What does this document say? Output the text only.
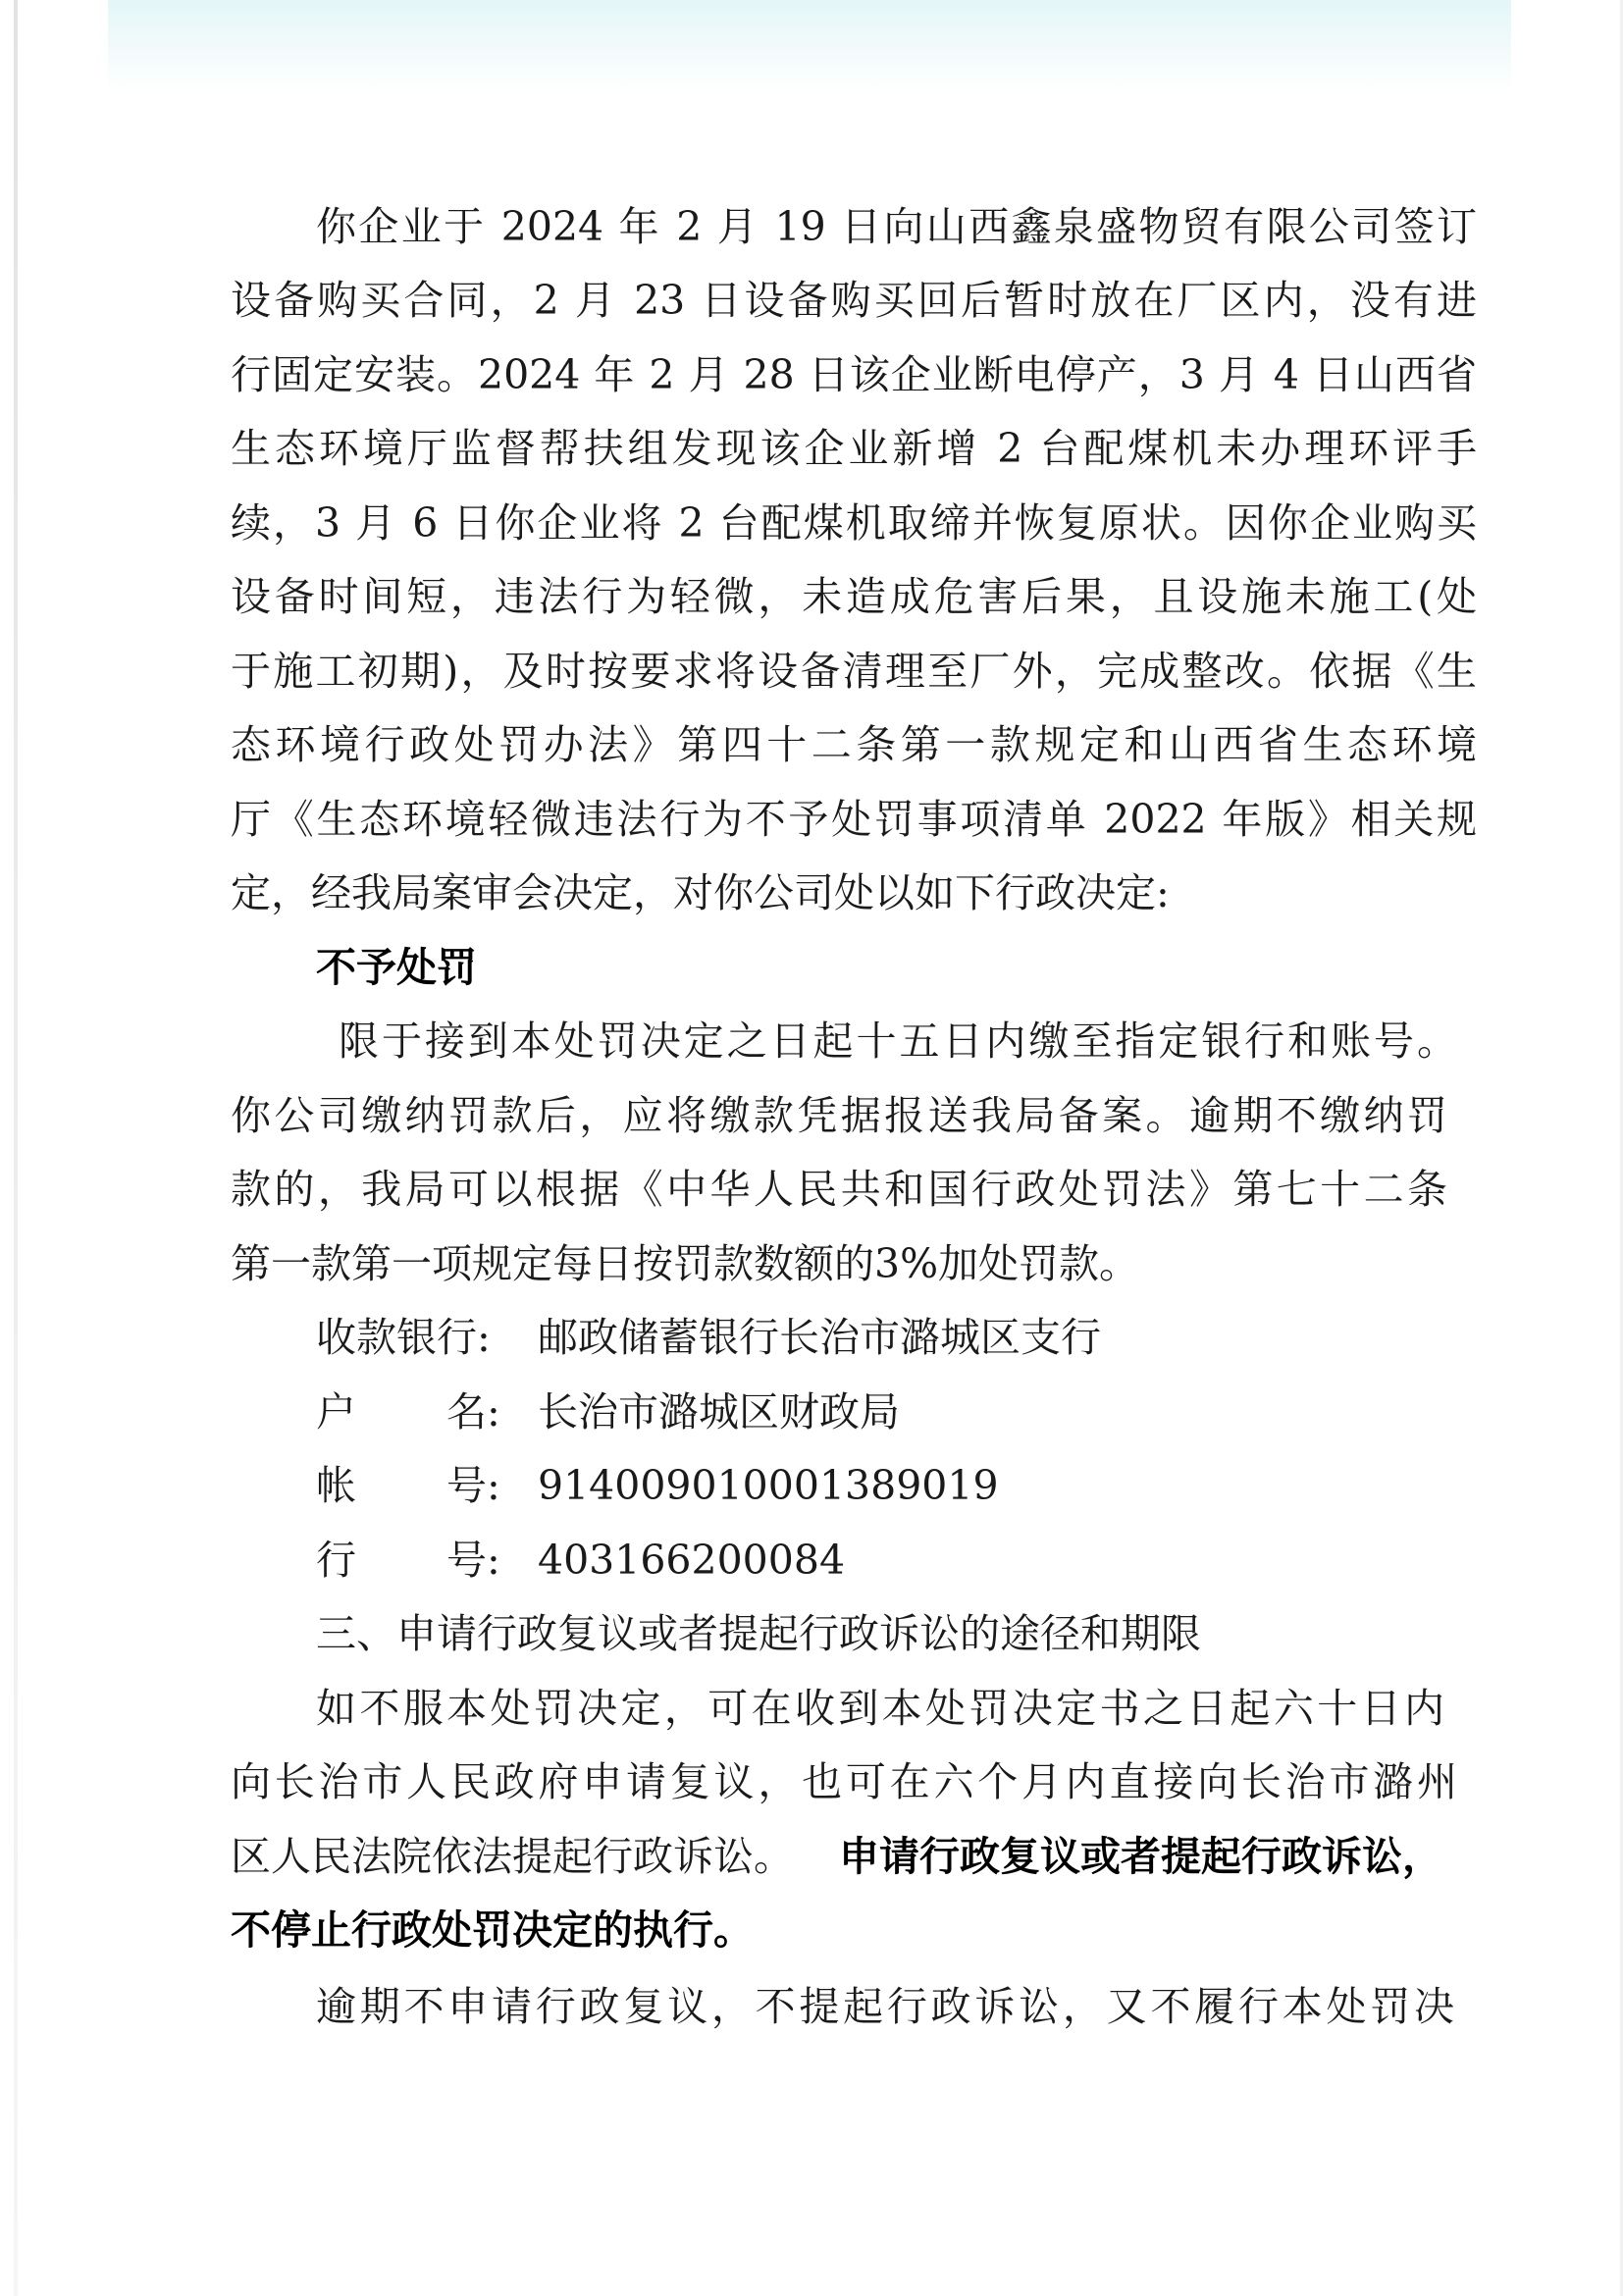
你企业于 2024 年 2 月 19 日向山西鑫泉盛物贸有限公司签订
设备购买合同，2 月 23 日设备购买回后暂时放在厂区内，没有进
行固定安装。2024 年 2 月 28 日该企业断电停产，3 月 4 日山西省
生态环境厅监督帮扶组发现该企业新增 2 台配煤机未办理环评手
续，3 月 6 日你企业将 2 台配煤机取缔并恢复原状。因你企业购买
设备时间短，违法行为轻微，未造成危害后果，且设施未施工(处
于施工初期)，及时按要求将设备清理至厂外，完成整改。依据《生
态环境行政处罚办法》第四十二条第一款规定和山西省生态环境
厅《生态环境轻微违法行为不予处罚事项清单 2022 年版》相关规
定，经我局案审会决定，对你公司处以如下行政决定:
不予处罚
限于接到本处罚决定之日起十五日内缴至指定银行和账号。
你公司缴纳罚款后，应将缴款凭据报送我局备案。逾期不缴纳罚
款的，我局可以根据《中华人民共和国行政处罚法》第七十二条
第一款第一项规定每日按罚款数额的3%加处罚款。
收款银行: 邮政储蓄银行长治市潞城区支行
户 名: 长治市潞城区财政局
帐 号: 914009010001389019
行 号: 403166200084
三、申请行政复议或者提起行政诉讼的途径和期限
如不服本处罚决定，可在收到本处罚决定书之日起六十日内
向长治市人民政府申请复议，也可在六个月内直接向长治市潞州
区人民法院依法提起行政诉讼。 申请行政复议或者提起行政诉讼，
不停止行政处罚决定的执行。
逾期不申请行政复议，不提起行政诉讼，又不履行本处罚决
